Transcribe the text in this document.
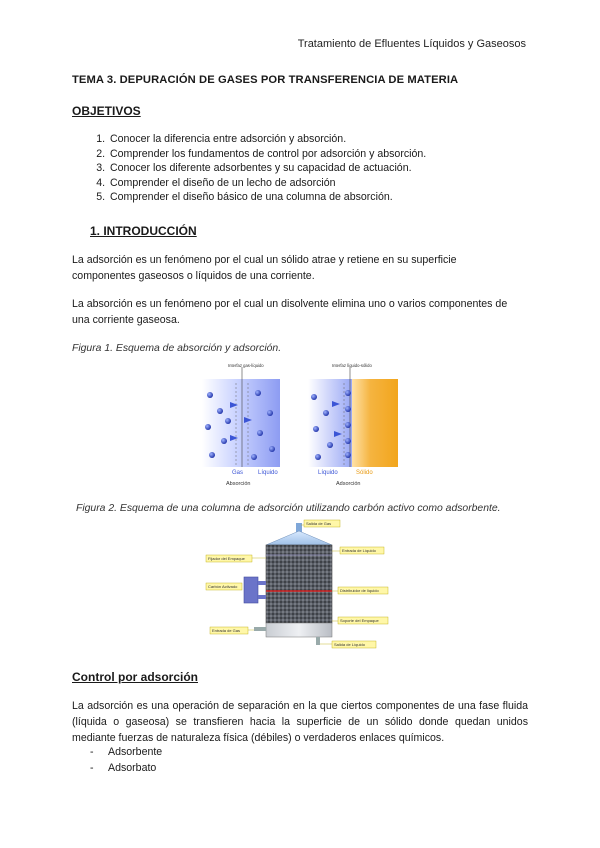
Tratamiento de Efluentes Líquidos y Gaseosos
TEMA 3. DEPURACIÓN DE GASES POR TRANSFERENCIA DE MATERIA
OBJETIVOS
1. Conocer la diferencia entre adsorción y absorción.
2. Comprender los fundamentos de control por adsorción y absorción.
3. Conocer los diferente adsorbentes y su capacidad de actuación.
4. Comprender el diseño de un lecho de adsorción
5. Comprender el diseño básico de una columna de absorción.
1. INTRODUCCIÓN
La adsorción es un fenómeno por el cual un sólido atrae y retiene en su superficie componentes gaseosos o líquidos de una corriente.
La absorción es un fenómeno por el cual un disolvente elimina uno o varios componentes de una corriente gaseosa.
Figura 1. Esquema de absorción y adsorción.
Interfaz gas-líquido
Gas Líquido
Absorción
Interfaz líquido-sólido
Líquido	Sólido
Adsorción
Figura 2. Esquema de una columna de adsorción utilizando carbón activo como adsorbente.
Salida de Gas
Entrada de Líquido
Fijador del Empaque
Carbón Activado
Distribuidor de líquido
Soporte del Empaque
Entrada de Gas
Salida de Líquido
Control por adsorción
La adsorción es una operación de separación en la que ciertos componentes de una fase fluida (líquida o gaseosa) se transfieren hacia la superficie de un sólido donde quedan unidos mediante fuerzas de naturaleza física (débiles) o verdaderos enlaces químicos.
- Adsorbente
- Adsorbato
